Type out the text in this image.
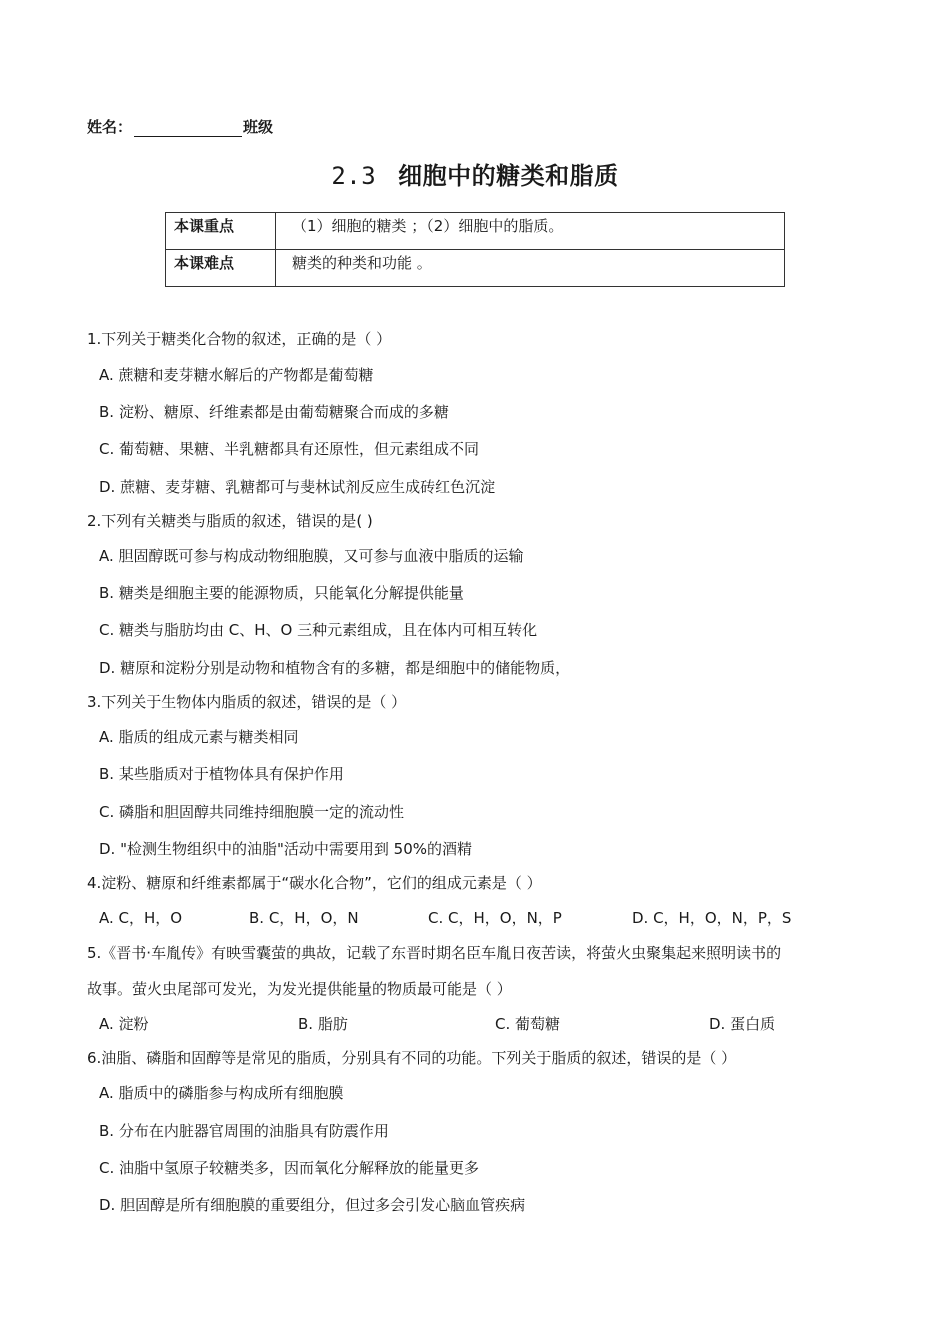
姓名：	班级
2.3 细胞中的糖类和脂质
本课重点	（1）细胞的糖类 ；（2）细胞中的脂质。
本课难点	糖类的种类和功能 。
1.下列关于糖类化合物的叙述，正确的是（ ）
A. 蔗糖和麦芽糖水解后的产物都是葡萄糖
B. 淀粉、糖原、纤维素都是由葡萄糖聚合而成的多糖
C. 葡萄糖、果糖、半乳糖都具有还原性，但元素组成不同
D. 蔗糖、麦芽糖、乳糖都可与斐林试剂反应生成砖红色沉淀
2.下列有关糖类与脂质的叙述，错误的是( )
A. 胆固醇既可参与构成动物细胞膜，又可参与血液中脂质的运输
B. 糖类是细胞主要的能源物质，只能氧化分解提供能量
C. 糖类与脂肪均由 C、H、O 三种元素组成，且在体内可相互转化
D. 糖原和淀粉分别是动物和植物含有的多糖，都是细胞中的储能物质，
3.下列关于生物体内脂质的叙述，错误的是（ ）
A. 脂质的组成元素与糖类相同
B. 某些脂质对于植物体具有保护作用
C. 磷脂和胆固醇共同维持细胞膜一定的流动性
D. "检测生物组织中的油脂"活动中需要用到 50%的酒精
4.淀粉、糖原和纤维素都属于“碳水化合物”，它们的组成元素是（ ）
A. C，H，O	B. C，H，O，N	C. C，H，O，N，P	D. C，H，O，N，P，S
5.《晋书·车胤传》有映雪囊萤的典故，记载了东晋时期名臣车胤日夜苦读，将萤火虫聚集起来照明读书的
故事。萤火虫尾部可发光，为发光提供能量的物质最可能是（ ）
A. 淀粉	B. 脂肪	C. 葡萄糖	D. 蛋白质
6.油脂、磷脂和固醇等是常见的脂质，分别具有不同的功能。下列关于脂质的叙述，错误的是（ ）
A. 脂质中的磷脂参与构成所有细胞膜
B. 分布在内脏器官周围的油脂具有防震作用
C. 油脂中氢原子较糖类多，因而氧化分解释放的能量更多
D. 胆固醇是所有细胞膜的重要组分，但过多会引发心脑血管疾病
